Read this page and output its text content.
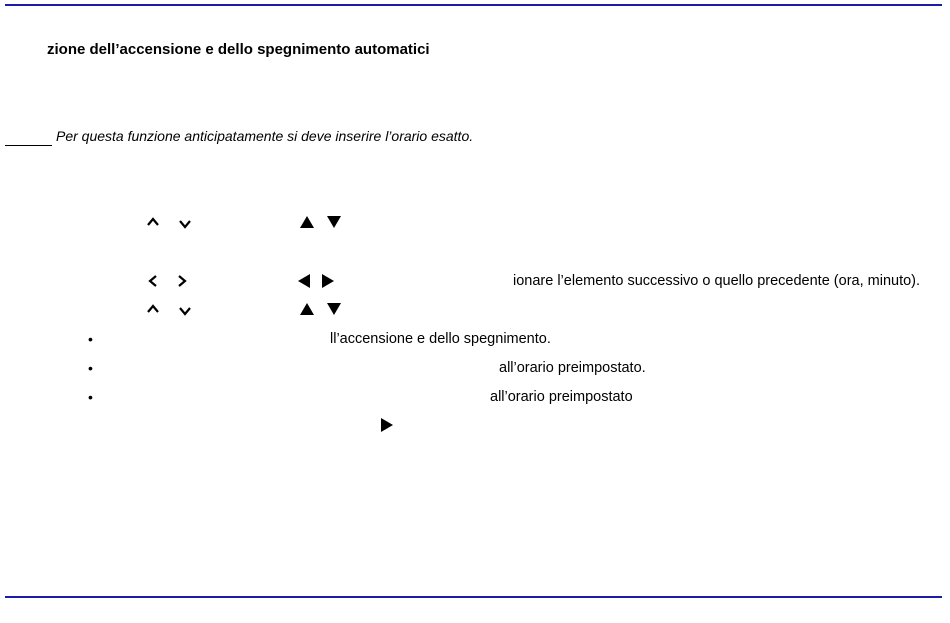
zione dell’accensione e dello spegnimento automatici
Per questa funzione anticipatamente si deve inserire l’orario esatto.
ionare l’elemento successivo o quello precedente (ora, minuto).
•	ll’accensione e dello spegnimento.
•	all’orario preimpostato.
•	all’orario preimpostato
